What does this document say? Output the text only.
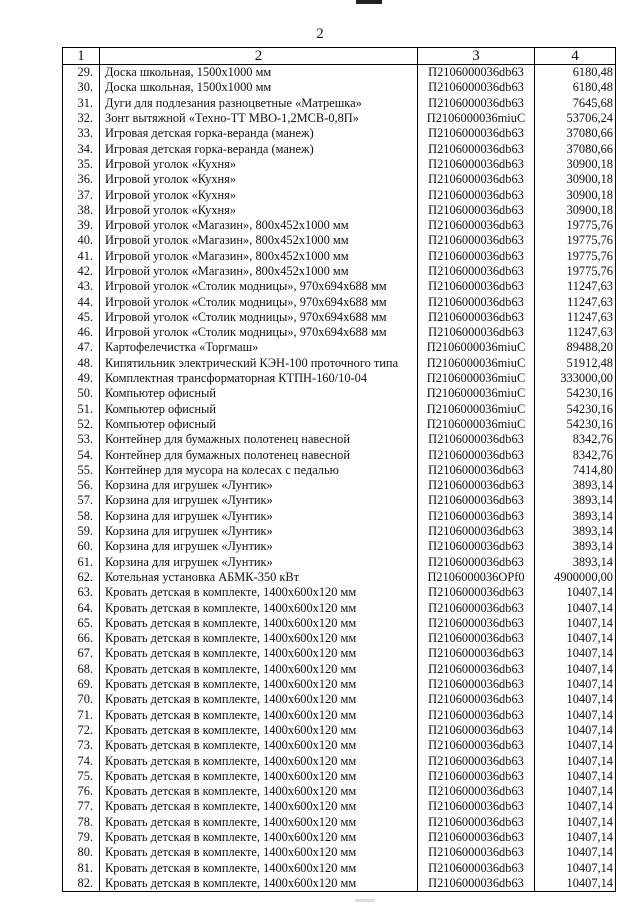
2
1	2	3	4
29.	Доска школьная, 1500x1000 мм	П2106000036db63	6180,48
30.	Доска школьная, 1500x1000 мм	П2106000036db63	6180,48
31.	Дуги для подлезания разноцветные «Матрешка»	П2106000036db63	7645,68
32.	Зонт вытяжной «Техно-ТТ МВО-1,2МСВ-0,8П»	П2106000036miuC	53706,24
33.	Игровая детская горка-веранда (манеж)	П2106000036db63	37080,66
34.	Игровая детская горка-веранда (манеж)	П2106000036db63	37080,66
35.	Игровой уголок «Кухня»	П2106000036db63	30900,18
36.	Игровой уголок «Кухня»	П2106000036db63	30900,18
37.	Игровой уголок «Кухня»	П2106000036db63	30900,18
38.	Игровой уголок «Кухня»	П2106000036db63	30900,18
39.	Игровой уголок «Магазин», 800x452x1000 мм	П2106000036db63	19775,76
40.	Игровой уголок «Магазин», 800x452x1000 мм	П2106000036db63	19775,76
41.	Игровой уголок «Магазин», 800x452x1000 мм	П2106000036db63	19775,76
42.	Игровой уголок «Магазин», 800x452x1000 мм	П2106000036db63	19775,76
43.	Игровой уголок «Столик модницы», 970x694x688 мм	П2106000036db63	11247,63
44.	Игровой уголок «Столик модницы», 970x694x688 мм	П2106000036db63	11247,63
45.	Игровой уголок «Столик модницы», 970x694x688 мм	П2106000036db63	11247,63
46.	Игровой уголок «Столик модницы», 970x694x688 мм	П2106000036db63	11247,63
47.	Картофелечистка «Торгмаш»	П2106000036miuC	89488,20
48.	Кипятильник электрический КЭН-100 проточного типа	П2106000036miuC	51912,48
49.	Комплектная трансформаторная КТПН-160/10-04	П2106000036miuC	333000,00
50.	Компьютер офисный	П2106000036miuC	54230,16
51.	Компьютер офисный	П2106000036miuC	54230,16
52.	Компьютер офисный	П2106000036miuC	54230,16
53.	Контейнер для бумажных полотенец навесной	П2106000036db63	8342,76
54.	Контейнер для бумажных полотенец навесной	П2106000036db63	8342,76
55.	Контейнер для мусора на колесах с педалью	П2106000036db63	7414,80
56.	Корзина для игрушек «Лунтик»	П2106000036db63	3893,14
57.	Корзина для игрушек «Лунтик»	П2106000036db63	3893,14
58.	Корзина для игрушек «Лунтик»	П2106000036db63	3893,14
59.	Корзина для игрушек «Лунтик»	П2106000036db63	3893,14
60.	Корзина для игрушек «Лунтик»	П2106000036db63	3893,14
61.	Корзина для игрушек «Лунтик»	П2106000036db63	3893,14
62.	Котельная установка АБМК-350 кВт	П2106000036OPf0	4900000,00
63.	Кровать детская в комплекте, 1400x600x120 мм	П2106000036db63	10407,14
64.	Кровать детская в комплекте, 1400x600x120 мм	П2106000036db63	10407,14
65.	Кровать детская в комплекте, 1400x600x120 мм	П2106000036db63	10407,14
66.	Кровать детская в комплекте, 1400x600x120 мм	П2106000036db63	10407,14
67.	Кровать детская в комплекте, 1400x600x120 мм	П2106000036db63	10407,14
68.	Кровать детская в комплекте, 1400x600x120 мм	П2106000036db63	10407,14
69.	Кровать детская в комплекте, 1400x600x120 мм	П2106000036db63	10407,14
70.	Кровать детская в комплекте, 1400x600x120 мм	П2106000036db63	10407,14
71.	Кровать детская в комплекте, 1400x600x120 мм	П2106000036db63	10407,14
72.	Кровать детская в комплекте, 1400x600x120 мм	П2106000036db63	10407,14
73.	Кровать детская в комплекте, 1400x600x120 мм	П2106000036db63	10407,14
74.	Кровать детская в комплекте, 1400x600x120 мм	П2106000036db63	10407,14
75.	Кровать детская в комплекте, 1400x600x120 мм	П2106000036db63	10407,14
76.	Кровать детская в комплекте, 1400x600x120 мм	П2106000036db63	10407,14
77.	Кровать детская в комплекте, 1400x600x120 мм	П2106000036db63	10407,14
78.	Кровать детская в комплекте, 1400x600x120 мм	П2106000036db63	10407,14
79.	Кровать детская в комплекте, 1400x600x120 мм	П2106000036db63	10407,14
80.	Кровать детская в комплекте, 1400x600x120 мм	П2106000036db63	10407,14
81.	Кровать детская в комплекте, 1400x600x120 мм	П2106000036db63	10407,14
82.	Кровать детская в комплекте, 1400x600x120 мм	П2106000036db63	10407,14
